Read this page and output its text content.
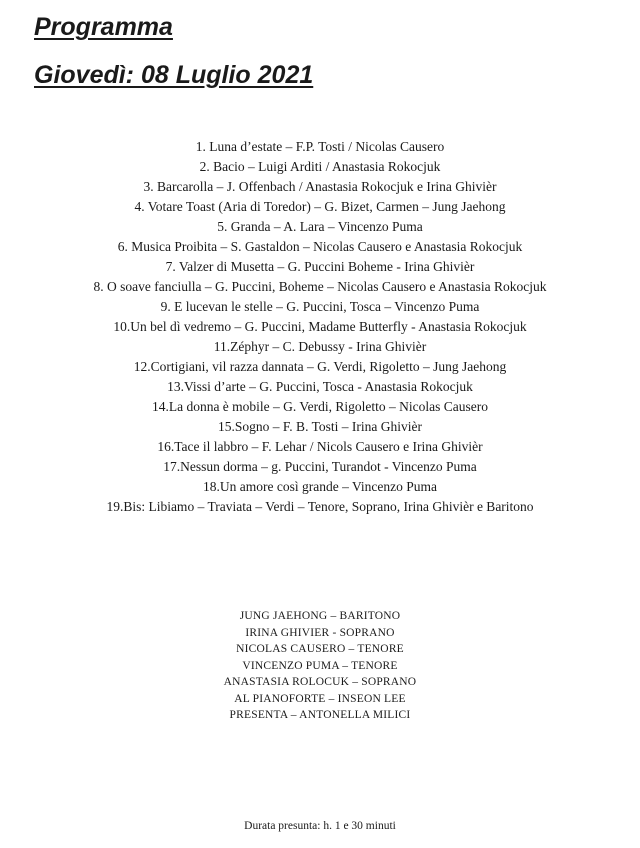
Programma
Giovedì: 08 Luglio 2021
1. Luna d’estate – F.P. Tosti / Nicolas Causero
2. Bacio – Luigi Arditi / Anastasia Rokocjuk
3. Barcarolla – J. Offenbach / Anastasia Rokocjuk e Irina Ghivièr
4. Votare Toast (Aria di Toredor) – G. Bizet, Carmen – Jung Jaehong
5. Granda – A. Lara – Vincenzo Puma
6. Musica Proibita – S. Gastaldon – Nicolas Causero e Anastasia Rokocjuk
7. Valzer di Musetta – G. Puccini Boheme - Irina Ghivièr
8. O soave fanciulla – G. Puccini, Boheme – Nicolas Causero e Anastasia Rokocjuk
9. E lucevan le stelle – G. Puccini, Tosca – Vincenzo Puma
10.Un bel dì vedremo – G. Puccini, Madame Butterfly - Anastasia Rokocjuk
11.Zéphyr – C. Debussy - Irina Ghivièr
12.Cortigiani, vil razza dannata – G. Verdi, Rigoletto – Jung Jaehong
13.Vissi d’arte – G. Puccini, Tosca - Anastasia Rokocjuk
14.La donna è mobile – G. Verdi, Rigoletto – Nicolas Causero
15.Sogno – F. B. Tosti – Irina Ghivièr
16.Tace il labbro – F. Lehar / Nicols Causero e Irina Ghivièr
17.Nessun dorma – g. Puccini, Turandot - Vincenzo Puma
18.Un amore così grande – Vincenzo Puma
19.Bis: Libiamo – Traviata – Verdi – Tenore, Soprano, Irina Ghivièr e Baritono
JUNG JAEHONG – BARITONO
IRINA GHIVIER - SOPRANO
NICOLAS CAUSERO – TENORE
VINCENZO PUMA – TENORE
ANASTASIA ROLOCUK – SOPRANO
AL PIANOFORTE – INSEON LEE
PRESENTA – ANTONELLA MILICI
Durata presunta: h. 1 e 30 minuti
